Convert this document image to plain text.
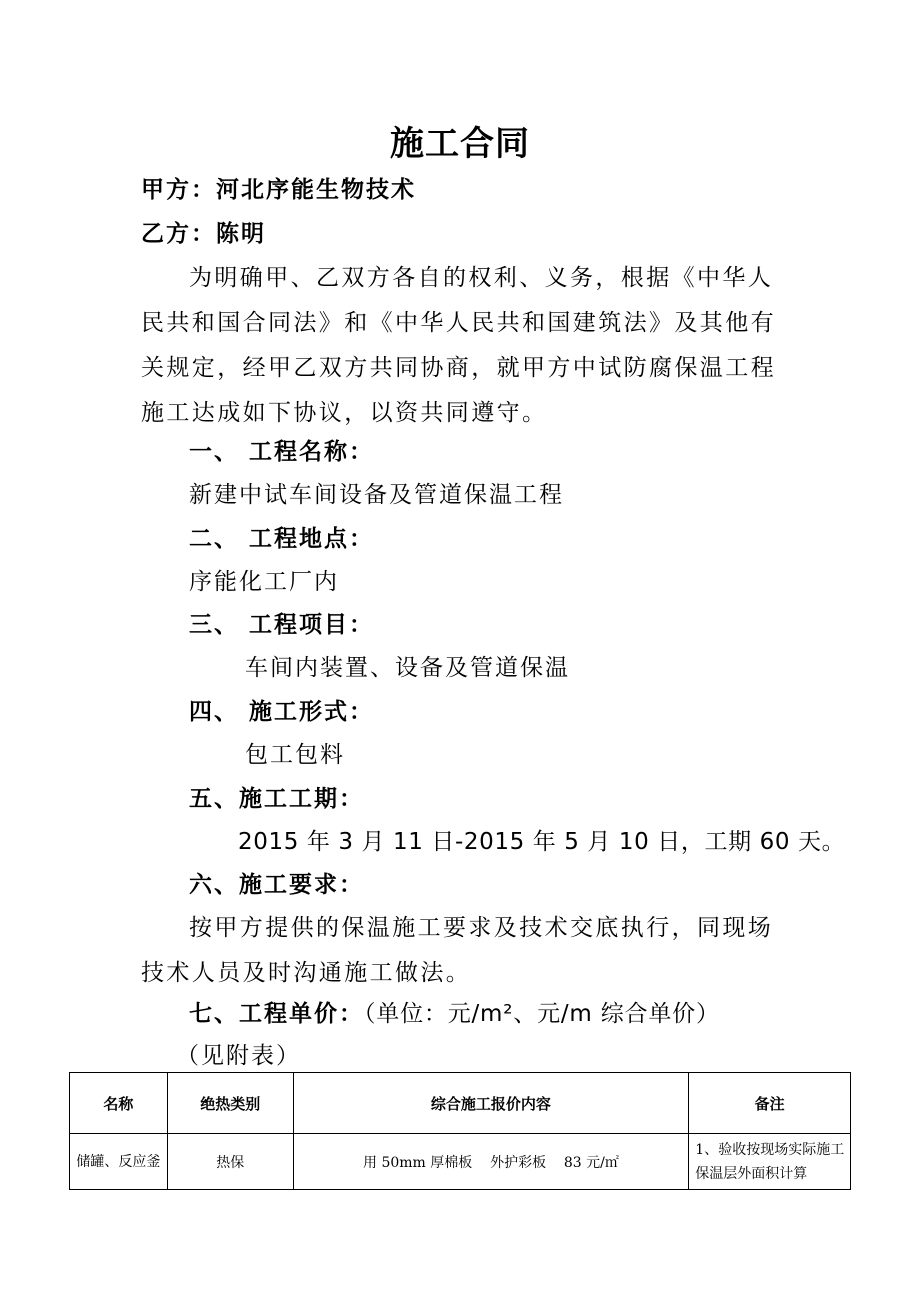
施工合同
甲方：河北序能生物技术
乙方：陈明
为明确甲、乙双方各自的权利、义务，根据《中华人民共和国合同法》和《中华人民共和国建筑法》及其他有关规定，经甲乙双方共同协商，就甲方中试防腐保温工程施工达成如下协议，以资共同遵守。
一、 工程名称：
新建中试车间设备及管道保温工程
二、 工程地点：
序能化工厂内
三、 工程项目：
车间内装置、设备及管道保温
四、 施工形式：
包工包料
五、施工工期：
2015 年 3 月 11 日-2015 年 5 月 10 日，工期 60 天。
六、施工要求：
按甲方提供的保温施工要求及技术交底执行，同现场技术人员及时沟通施工做法。
七、工程单价：（单位：元/m²、元/m 综合单价）
（见附表）
名称	绝热类别	综合施工报价内容	备注
储罐、反应釜	热保	用 50mm 厚棉板    外护彩板    83 元/㎡	1、验收按现场实际施工保温层外面积计算
